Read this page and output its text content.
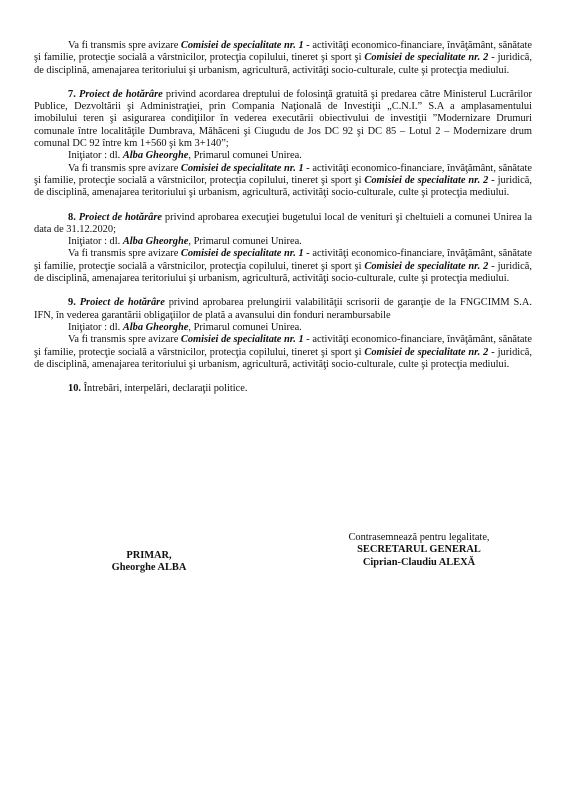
Va fi transmis spre avizare Comisiei de specialitate nr. 1 - activităţi economico-financiare, învăţământ, sănătate şi familie, protecţie socială a vârstnicilor, protecţia copilului, tineret şi sport şi Comisiei de specialitate nr. 2 - juridică, de disciplină, amenajarea teritoriului şi urbanism, agricultură, activităţi socio-culturale, culte şi protecţia mediului.

7. Proiect de hotărâre privind acordarea dreptului de folosinţă gratuită şi predarea către Ministerul Lucrărilor Publice, Dezvoltării şi Administraţiei, prin Compania Naţională de Investiţii „C.N.I.” S.A a amplasamentului imobilului teren şi asigurarea condiţiilor în vederea executării obiectivului de investiţii ”Modernizare Drumuri comunale între localităţile Dumbrava, Măhăceni şi Ciugudu de Jos DC 92 şi DC 85 – Lotul 2 – Modernizare drum comunal DC 92 între km 1+560 şi km 3+140”;

Iniţiator : dl. Alba Gheorghe, Primarul comunei Unirea.

Va fi transmis spre avizare Comisiei de specialitate nr. 1 - activităţi economico-financiare, învăţământ, sănătate şi familie, protecţie socială a vârstnicilor, protecţia copilului, tineret şi sport şi Comisiei de specialitate nr. 2 - juridică, de disciplină, amenajarea teritoriului şi urbanism, agricultură, activităţi socio-culturale, culte şi protecţia mediului.

8. Proiect de hotărâre privind aprobarea execuţiei bugetului local de venituri şi cheltuieli a comunei Unirea la data de 31.12.2020;

Iniţiator : dl. Alba Gheorghe, Primarul comunei Unirea.

Va fi transmis spre avizare Comisiei de specialitate nr. 1 - activităţi economico-financiare, învăţământ, sănătate şi familie, protecţie socială a vârstnicilor, protecţia copilului, tineret şi sport şi Comisiei de specialitate nr. 2 - juridică, de disciplină, amenajarea teritoriului şi urbanism, agricultură, activităţi socio-culturale, culte şi protecţia mediului.

9. Proiect de hotărâre privind aprobarea prelungirii valabilităţii scrisorii de garanţie de la FNGCIMM S.A. IFN, în vederea garantării obligaţiilor de plată a avansului din fonduri nerambursabile

Iniţiator : dl. Alba Gheorghe, Primarul comunei Unirea.

Va fi transmis spre avizare Comisiei de specialitate nr. 1 - activităţi economico-financiare, învăţământ, sănătate şi familie, protecţie socială a vârstnicilor, protecţia copilului, tineret şi sport şi Comisiei de specialitate nr. 2 - juridică, de disciplină, amenajarea teritoriului şi urbanism, agricultură, activităţi socio-culturale, culte şi protecţia mediului.

10. Întrebări, interpelări, declaraţii politice.

PRIMAR,
Gheorghe ALBA
Contrasemnează pentru legalitate,
SECRETARUL GENERAL
Ciprian-Claudiu ALEXĂ
